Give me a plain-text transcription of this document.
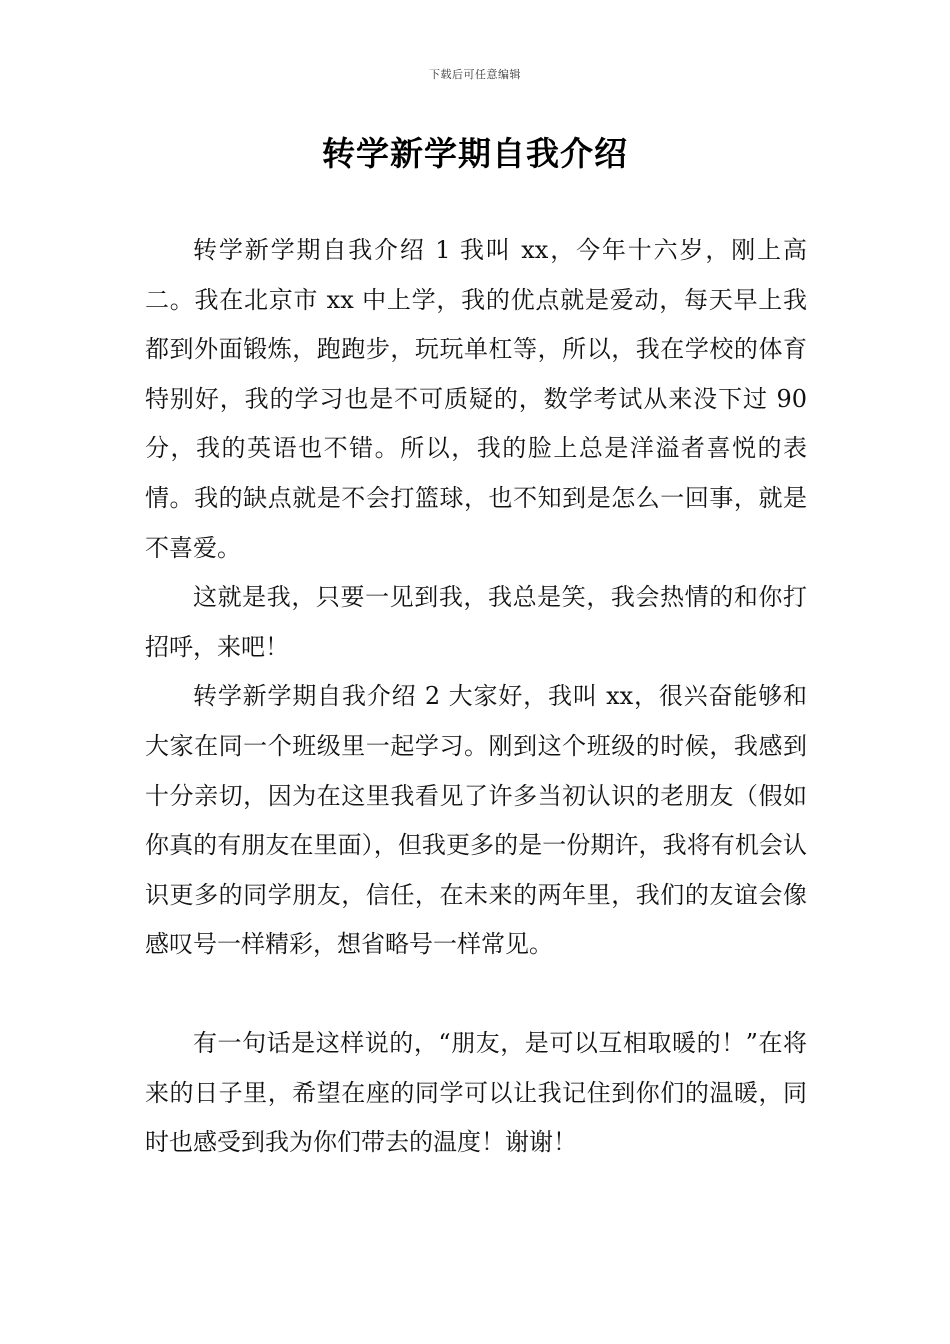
下载后可任意编辑
转学新学期自我介绍

转学新学期自我介绍 1 我叫 xx，今年十六岁，刚上高二。我在北京市 xx 中上学，我的优点就是爱动，每天早上我都到外面锻炼，跑跑步，玩玩单杠等，所以，我在学校的体育特别好，我的学习也是不可质疑的，数学考试从来没下过 90 分，我的英语也不错。所以，我的脸上总是洋溢者喜悦的表情。我的缺点就是不会打篮球，也不知到是怎么一回事，就是不喜爱。

这就是我，只要一见到我，我总是笑，我会热情的和你打招呼，来吧！

转学新学期自我介绍 2 大家好，我叫 xx，很兴奋能够和大家在同一个班级里一起学习。刚到这个班级的时候，我感到十分亲切，因为在这里我看见了许多当初认识的老朋友（假如你真的有朋友在里面），但我更多的是一份期许，我将有机会认识更多的同学朋友，信任，在未来的两年里，我们的友谊会像感叹号一样精彩，想省略号一样常见。

有一句话是这样说的，“朋友，是可以互相取暖的！”在将来的日子里，希望在座的同学可以让我记住到你们的温暖，同时也感受到我为你们带去的温度！谢谢！
